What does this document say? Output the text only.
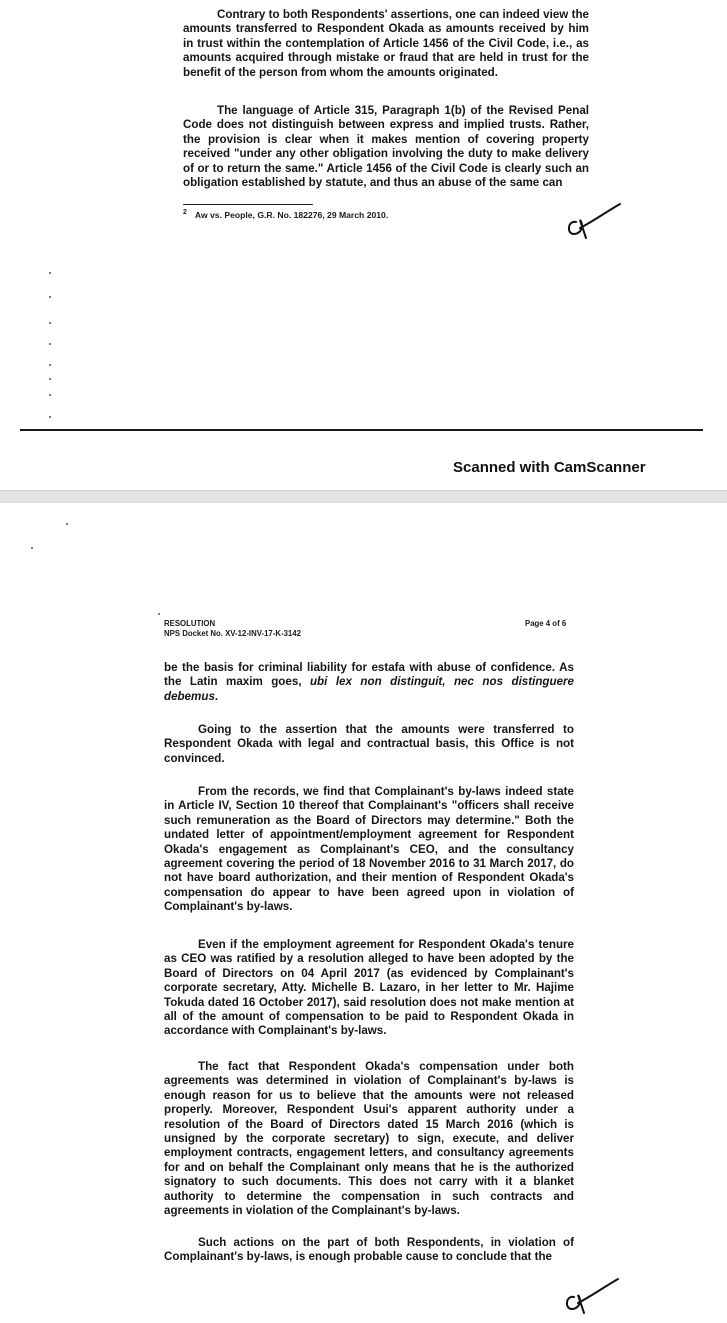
Contrary to both Respondents' assertions, one can indeed view the amounts transferred to Respondent Okada as amounts received by him in trust within the contemplation of Article 1456 of the Civil Code, i.e., as amounts acquired through mistake or fraud that are held in trust for the benefit of the person from whom the amounts originated.

The language of Article 315, Paragraph 1(b) of the Revised Penal Code does not distinguish between express and implied trusts. Rather, the provision is clear when it makes mention of covering property received "under any other obligation involving the duty to make delivery of or to return the same." Article 1456 of the Civil Code is clearly such an obligation established by statute, and thus an abuse of the same can

$^2$ Aw vs. People, G.R. No. 182276, 29 March 2010.
Scanned with CamScanner
RESOLUTION
NPS Docket No. XV-12-INV-17-K-3142
Page 4 of 6

be the basis for criminal liability for estafa with abuse of confidence. As the Latin maxim goes, ubi lex non distinguit, nec nos distinguere debemus.

Going to the assertion that the amounts were transferred to Respondent Okada with legal and contractual basis, this Office is not convinced.

From the records, we find that Complainant's by-laws indeed state in Article IV, Section 10 thereof that Complainant's "officers shall receive such remuneration as the Board of Directors may determine." Both the undated letter of appointment/employment agreement for Respondent Okada's engagement as Complainant's CEO, and the consultancy agreement covering the period of 18 November 2016 to 31 March 2017, do not have board authorization, and their mention of Respondent Okada's compensation do appear to have been agreed upon in violation of Complainant's by-laws.

Even if the employment agreement for Respondent Okada's tenure as CEO was ratified by a resolution alleged to have been adopted by the Board of Directors on 04 April 2017 (as evidenced by Complainant's corporate secretary, Atty. Michelle B. Lazaro, in her letter to Mr. Hajime Tokuda dated 16 October 2017), said resolution does not make mention at all of the amount of compensation to be paid to Respondent Okada in accordance with Complainant's by-laws.

The fact that Respondent Okada's compensation under both agreements was determined in violation of Complainant's by-laws is enough reason for us to believe that the amounts were not released properly. Moreover, Respondent Usui's apparent authority under a resolution of the Board of Directors dated 15 March 2016 (which is unsigned by the corporate secretary) to sign, execute, and deliver employment contracts, engagement letters, and consultancy agreements for and on behalf the Complainant only means that he is the authorized signatory to such documents. This does not carry with it a blanket authority to determine the compensation in such contracts and agreements in violation of the Complainant's by-laws.

Such actions on the part of both Respondents, in violation of Complainant's by-laws, is enough probable cause to conclude that the
